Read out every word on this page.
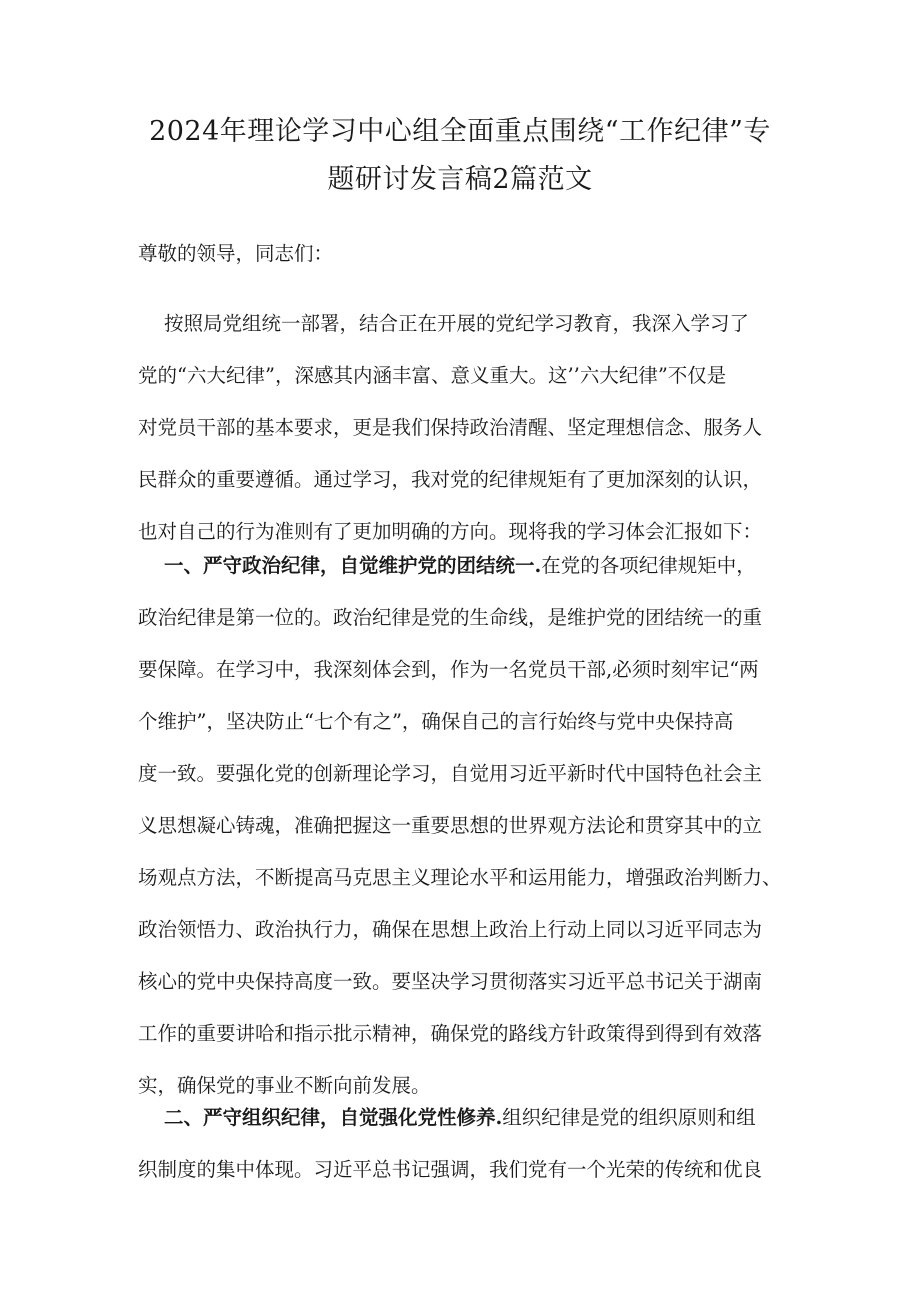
2024年理论学习中心组全面重点围绕“工作纪律”专
题研讨发言稿2篇范文

尊敬的领导，同志们：

按照局党组统一部署，结合正在开展的党纪学习教育，我深入学习了
党的“六大纪律”，深感其内涵丰富、意义重大。这’’六大纪律”不仅是
对党员干部的基本要求，更是我们保持政治清醒、坚定理想信念、服务人
民群众的重要遵循。通过学习，我对党的纪律规矩有了更加深刻的认识，
也对自己的行为准则有了更加明确的方向。现将我的学习体会汇报如下：
一、严守政治纪律，自觉维护党的团结统一.在党的各项纪律规矩中，
政治纪律是第一位的。政治纪律是党的生命线，是维护党的团结统一的重
要保障。在学习中，我深刻体会到，作为一名党员干部,必须时刻牢记“两
个维护”，坚决防止“七个有之”，确保自己的言行始终与党中央保持高
度一致。要强化党的创新理论学习，自觉用习近平新时代中国特色社会主
义思想凝心铸魂，准确把握这一重要思想的世界观方法论和贯穿其中的立
场观点方法，不断提高马克思主义理论水平和运用能力，增强政治判断力、
政治领悟力、政治执行力，确保在思想上政治上行动上同以习近平同志为
核心的党中央保持高度一致。要坚决学习贯彻落实习近平总书记关于湖南
工作的重要讲哈和指示批示精神，确保党的路线方针政策得到得到有效落
实，确保党的事业不断向前发展。
二、严守组织纪律，自觉强化党性修养.组织纪律是党的组织原则和组
织制度的集中体现。习近平总书记强调，我们党有一个光荣的传统和优良
